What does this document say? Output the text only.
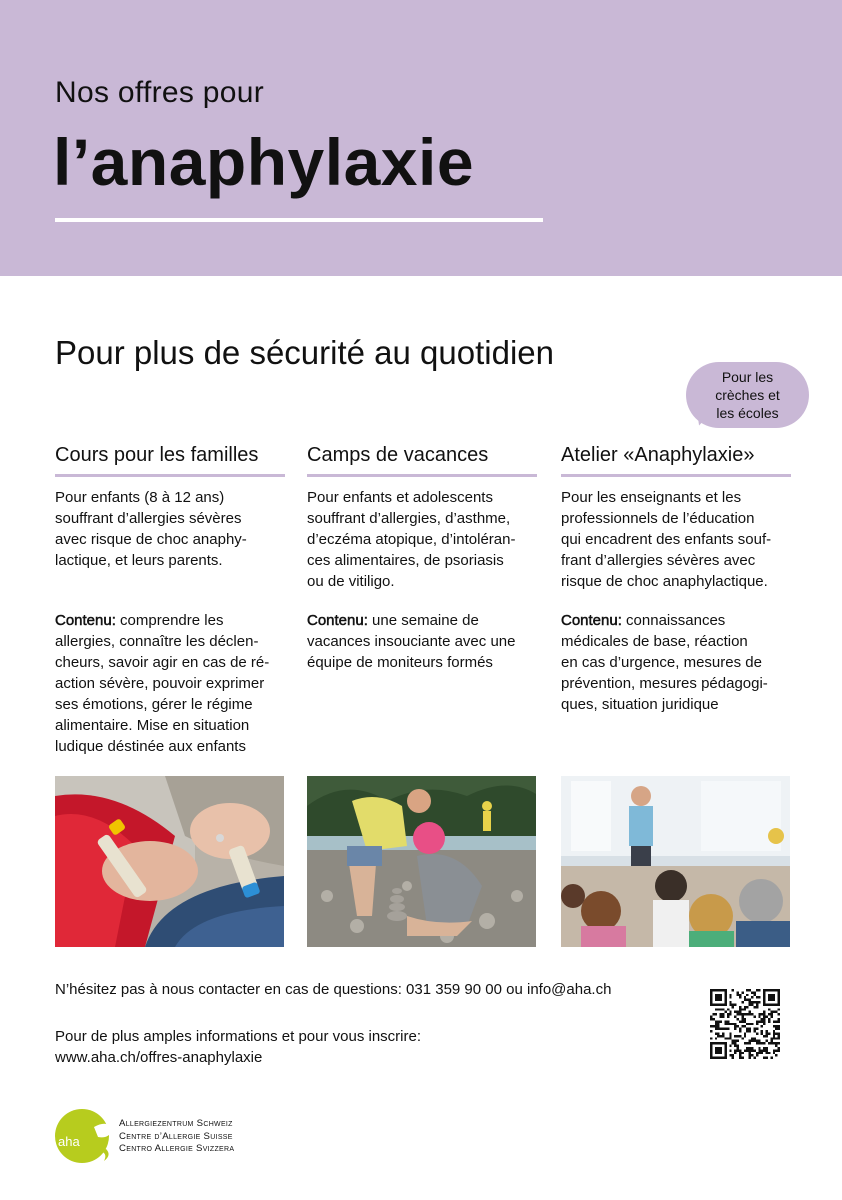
Nos offres pour
l’anaphylaxie
Pour plus de sécurité au quotidien
Pour les
crèches et
les écoles
Cours pour les familles
Pour enfants (8 à 12 ans)
souffrant d’allergies sévères
avec risque de choc anaphy-
lactique, et leurs parents.
Contenu: comprendre les
allergies, connaître les déclen-
cheurs, savoir agir en cas de ré-
action sévère, pouvoir exprimer
ses émotions, gérer le régime
alimentaire. Mise en situation
ludique déstinée aux enfants
Camps de vacances
Pour enfants et adolescents
souffrant d’allergies, d’asthme,
d’eczéma atopique, d’intoléran-
ces alimentaires, de psoriasis
ou de vitiligo.
Contenu: une semaine de
vacances insouciante avec une
équipe de moniteurs formés
Atelier «Anaphylaxie»
Pour les enseignants et les
professionnels de l’éducation
qui encadrent des enfants souf-
frant d’allergies sévères avec
risque de choc anaphylactique.
Contenu: connaissances
médicales de base, réaction
en cas d’urgence, mesures de
prévention, mesures pédagogi-
ques, situation juridique
N’hésitez pas à nous contacter en cas de questions: 031 359 90 00 ou info@aha.ch
Pour de plus amples informations et pour vous inscrire:
www.aha.ch/offres-anaphylaxie
aha
Allergiezentrum Schweiz
Centre d’Allergie Suisse
Centro Allergie Svizzera
